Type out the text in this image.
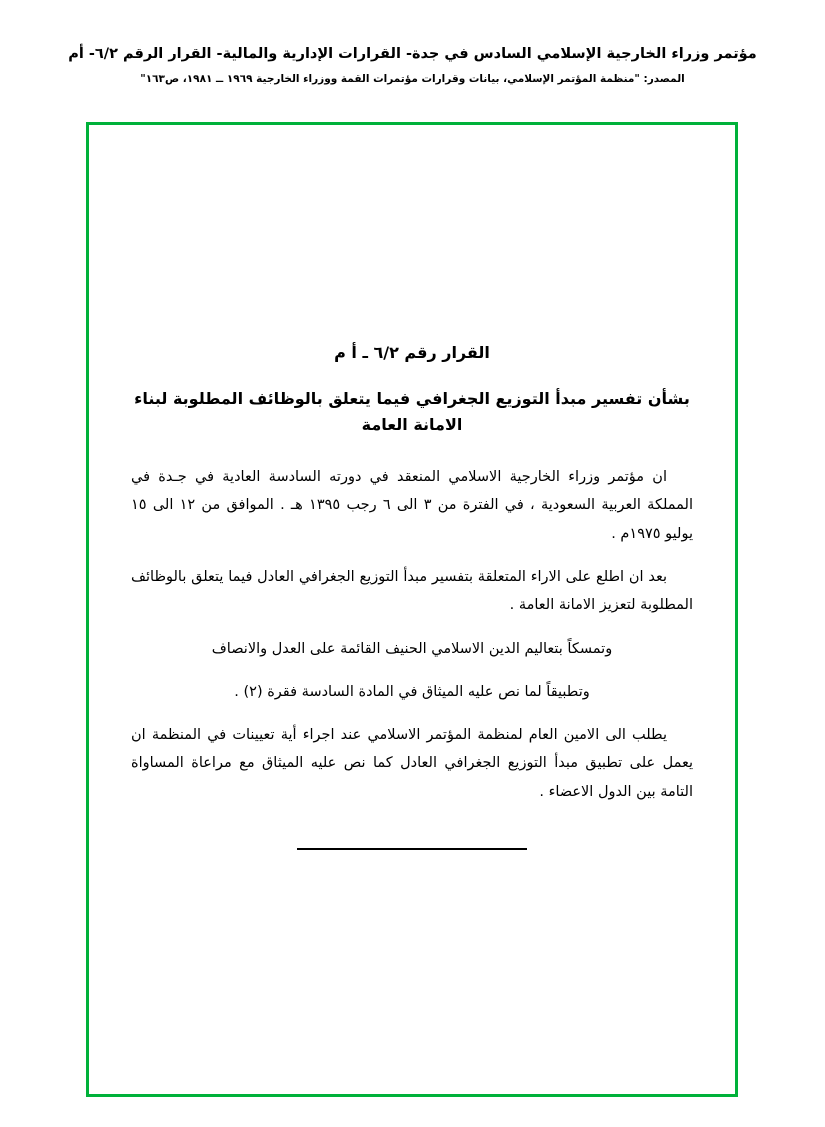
مؤتمر وزراء الخارجية الإسلامي السادس في جدة- القرارات الإدارية والمالية- القرار الرقم ٦/٢- أم
المصدر: "منظمة المؤتمر الإسلامي، بيانات وقرارات مؤتمرات القمة ووزراء الخارجية ١٩٦٩ ــ ١٩٨١، ص١٦٣"
القرار رقم ٦/٢ ـ أ م
بشأن تفسير مبدأ التوزيع الجغرافي فيما يتعلق بالوظائف المطلوبة لبناء الامانة العامة

ان مؤتمر وزراء الخارجية الاسلامي المنعقد في دورته السادسة العادية في جـدة في المملكة العربية السعودية ، في الفترة من ٣ الى ٦ رجب ١٣٩٥ هـ . الموافق من ١٢ الى ١٥ يوليو ١٩٧٥م .

بعد ان اطلع على الاراء المتعلقة بتفسير مبدأ التوزيع الجغرافي العادل فيما يتعلق بالوظائف المطلوبة لتعزيز الامانة العامة .

وتمسكاً بتعاليم الدين الاسلامي الحنيف القائمة على العدل والانصاف

وتطبيقاً لما نص عليه الميثاق في المادة السادسة فقرة (٢) .

يطلب الى الامين العام لمنظمة المؤتمر الاسلامي عند اجراء أية تعيينات في المنظمة ان يعمل على تطبيق مبدأ التوزيع الجغرافي العادل كما نص عليه الميثاق مع مراعاة المساواة التامة بين الدول الاعضاء .
